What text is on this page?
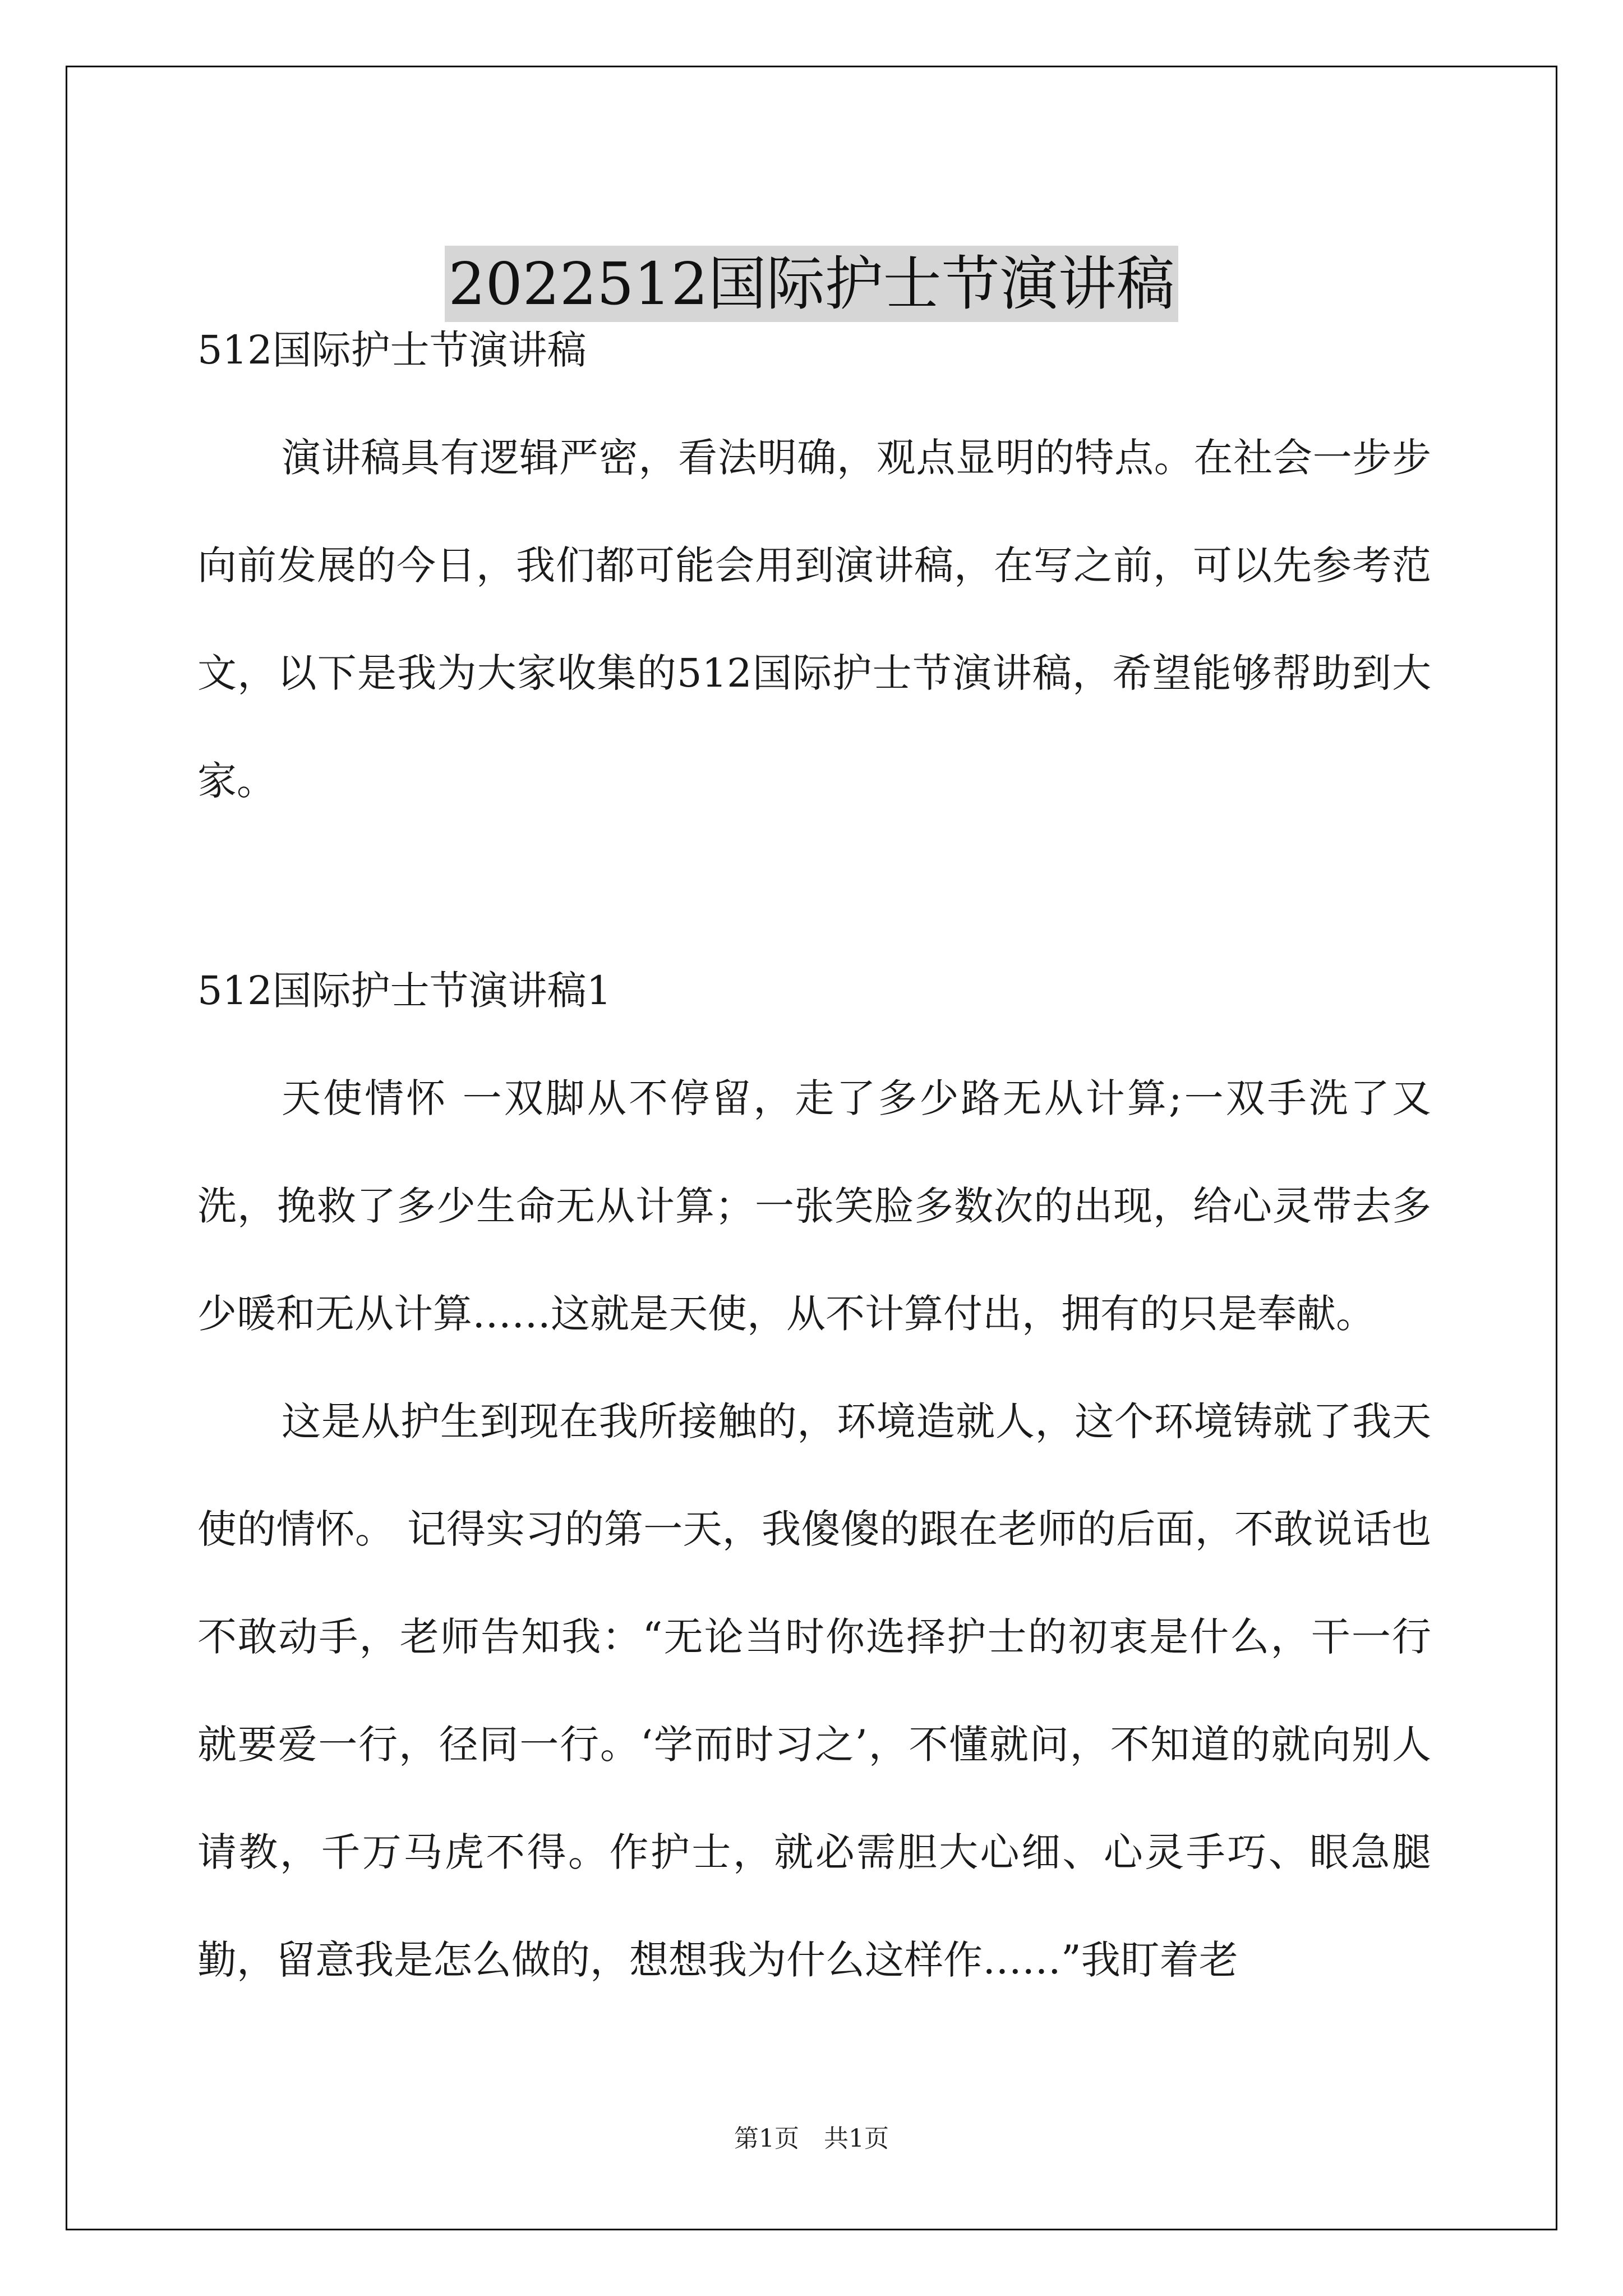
2022512国际护士节演讲稿

512国际护士节演讲稿

演讲稿具有逻辑严密，看法明确，观点显明的特点。在社会一步步向前发展的今日，我们都可能会用到演讲稿，在写之前，可以先参考范文，以下是我为大家收集的512国际护士节演讲稿，希望能够帮助到大家。

512国际护士节演讲稿1

天使情怀 一双脚从不停留，走了多少路无从计算;一双手洗了又洗，挽救了多少生命无从计算；一张笑脸多数次的出现，给心灵带去多少暖和无从计算……这就是天使，从不计算付出，拥有的只是奉献。

这是从护生到现在我所接触的，环境造就人，这个环境铸就了我天使的情怀。 记得实习的第一天，我傻傻的跟在老师的后面，不敢说话也不敢动手，老师告知我：“无论当时你选择护士的初衷是什么，干一行就要爱一行，径同一行。‘学而时习之’，不懂就问，不知道的就向别人请教，千万马虎不得。作护士，就必需胆大心细、心灵手巧、眼急腿勤，留意我是怎么做的，想想我为什么这样作……”我盯着老

第1页　共1页
